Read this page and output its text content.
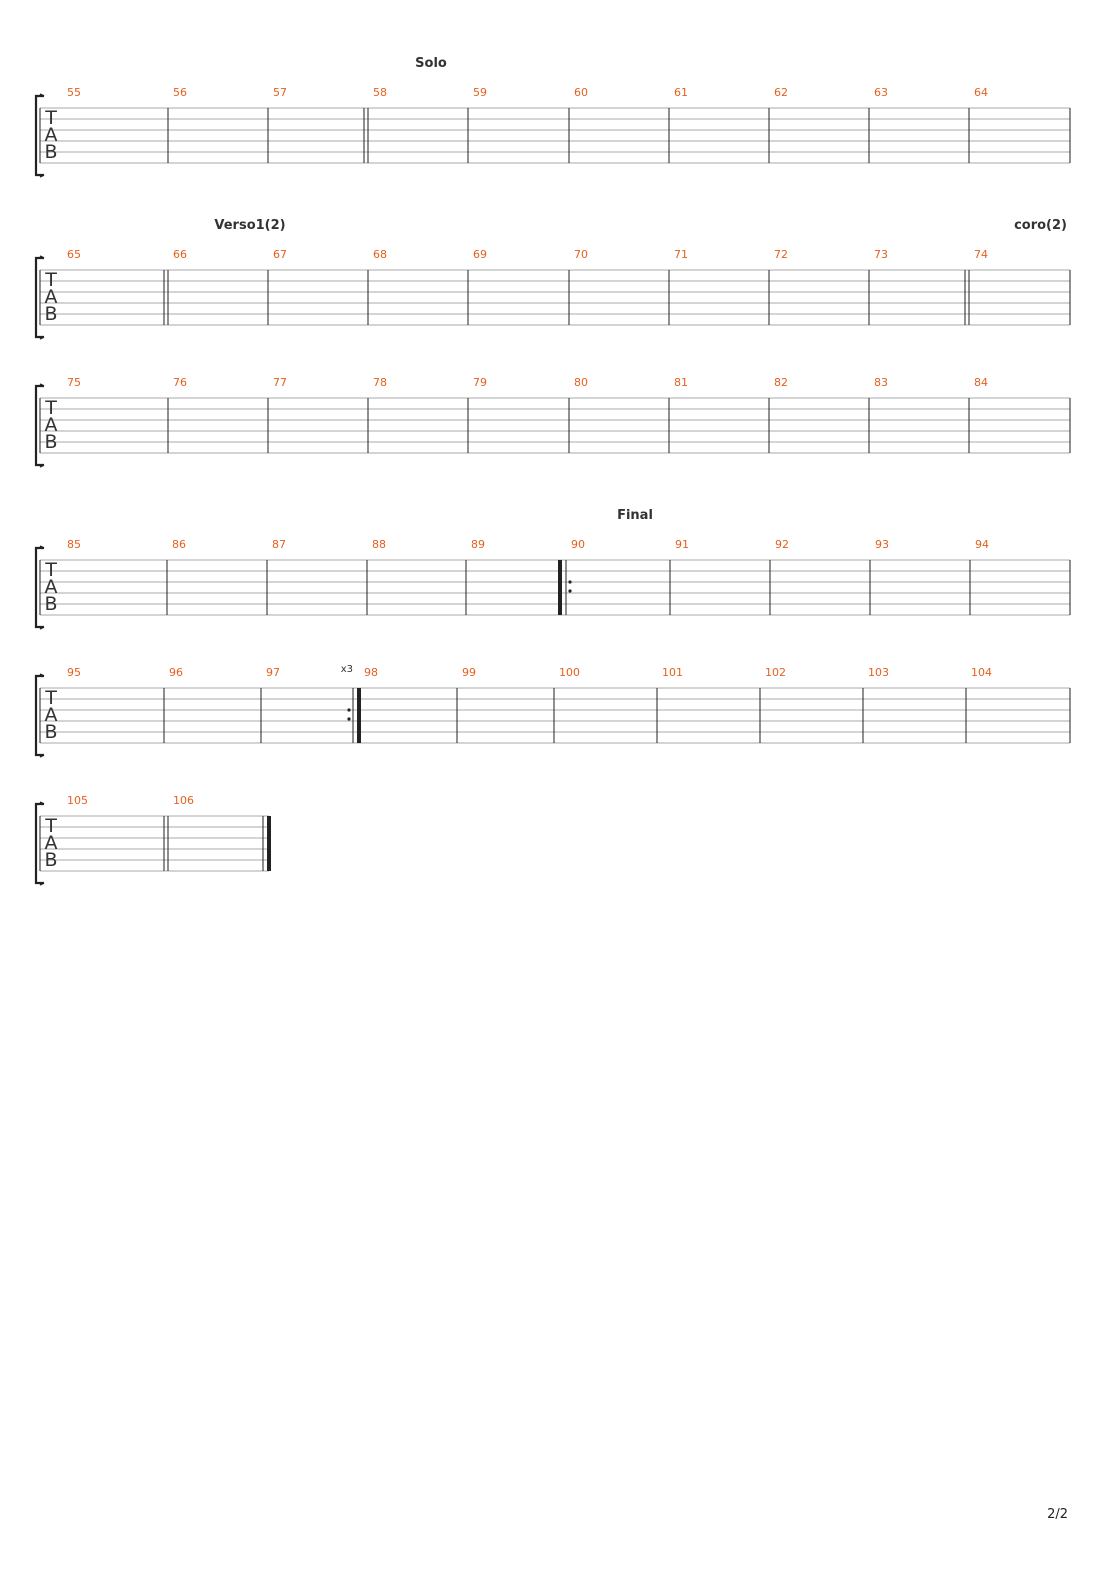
T
A
B
55	56	57	58	59	60	61	62	63	64
Solo
T
A
B
65	66	67	68	69	70	71	72	73	74
Verso1(2)	coro(2)
T
A
B
75	76	77	78	79	80	81	82	83	84
T
A
B
85	86	87	88	89	90	91	92	93	94
Final
T
A
B
95	96	97	98	99	100	101	102	103	104
x3
T
A
B
105	106
2/2
